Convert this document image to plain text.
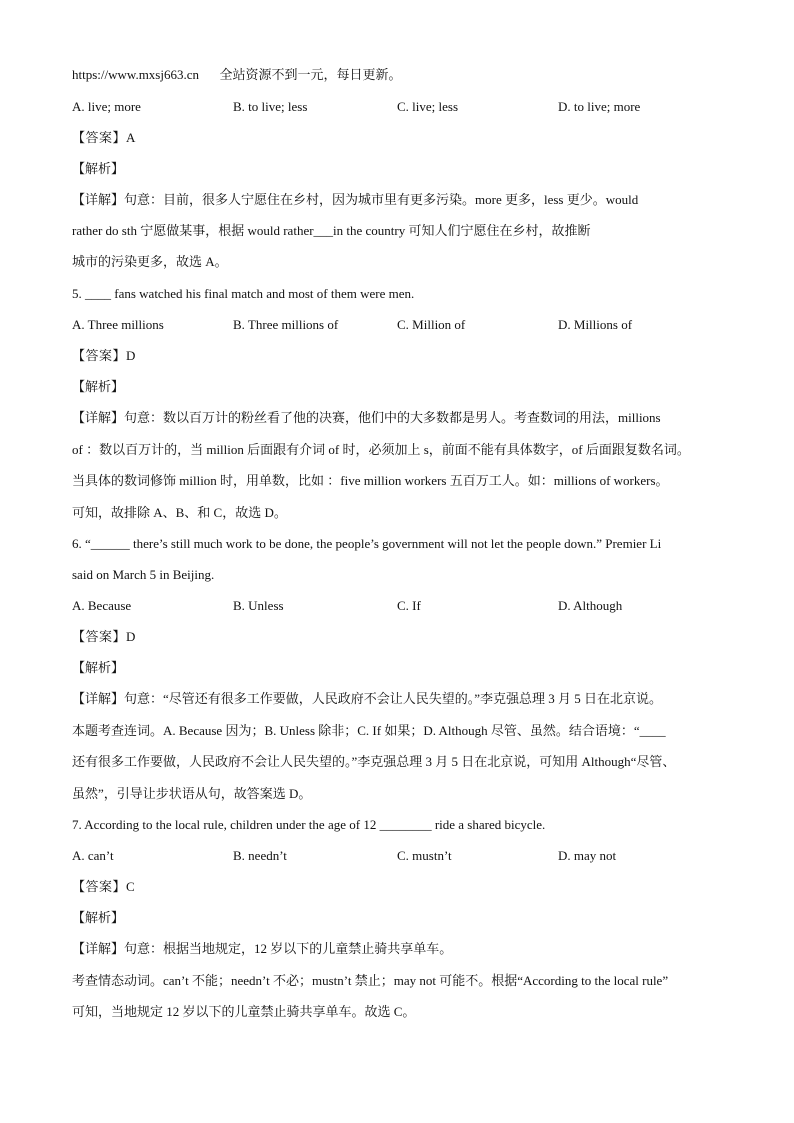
https://www.mxsj663.cn 全站资源不到一元，每日更新。
A. live; more	B. to live; less	C. live; less	D. to live; more
【答案】A
【解析】
【详解】句意：目前，很多人宁愿住在乡村，因为城市里有更多污染。more 更多，less 更少。would
rather do sth 宁愿做某事，根据 would rather___in the country 可知人们宁愿住在乡村，故推断
城市的污染更多，故选 A。
5. ____ fans watched his final match and most of them were men.
A. Three millions	B. Three millions of	C. Million of	D. Millions of
【答案】D
【解析】
【详解】句意：数以百万计的粉丝看了他的决赛，他们中的大多数都是男人。考查数词的用法，millions
of ：数以百万计的，当 million 后面跟有介词 of 时，必须加上 s，前面不能有具体数字，of 后面跟复数名词。
当具体的数词修饰 million 时，用单数，比如 ：five million workers 五百万工人。如：millions of workers。
可知，故排除 A、B、和 C，故选 D。
6. “______ there’s still much work to be done, the people’s government will not let the people down.” Premier Li
said on March 5 in Beijing.
A. Because	B. Unless	C. If	D. Although
【答案】D
【解析】
【详解】句意：“尽管还有很多工作要做，人民政府不会让人民失望的。”李克强总理 3 月 5 日在北京说。
本题考查连词。A. Because 因为；B. Unless 除非；C. If 如果；D. Although 尽管、虽然。结合语境：“____
还有很多工作要做，人民政府不会让人民失望的。”李克强总理 3 月 5 日在北京说，可知用 Although“尽管、
虽然”，引导让步状语从句，故答案选 D。
7. According to the local rule, children under the age of 12 ________ ride a shared bicycle.
A. can’t	B. needn’t	C. mustn’t	D. may not
【答案】C
【解析】
【详解】句意：根据当地规定，12 岁以下的儿童禁止骑共享单车。
考查情态动词。can’t 不能；needn’t 不必；mustn’t 禁止；may not 可能不。根据“According to the local rule”
可知，当地规定 12 岁以下的儿童禁止骑共享单车。故选 C。
